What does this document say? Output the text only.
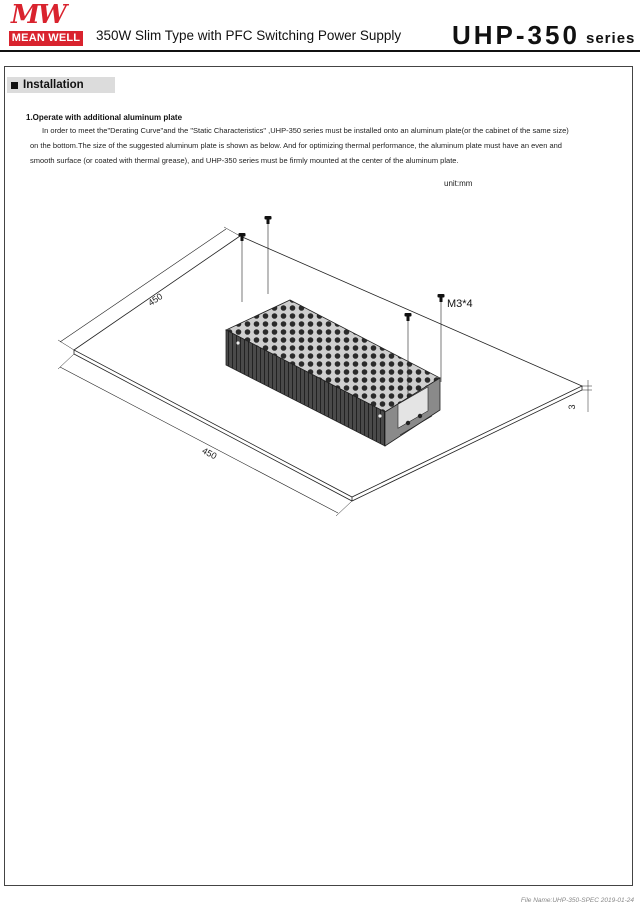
MW
MEAN WELL 350W Slim Type with PFC Switching Power Supply UHP-350 series
Installation
1.Operate with additional aluminum plate
In order to meet the"Derating Curve"and the "Static Characteristics" ,UHP-350 series must be installed onto an aluminum plate(or the cabinet of the same size)
on the bottom.The size of the suggested aluminum plate is shown as below. And for optimizing thermal performance, the aluminum plate must have an even and
smooth surface (or coated with thermal grease), and UHP-350 series must be firmly mounted at the center of the aluminum plate.
unit:mm
450
450
3
M3*4
File Name:UHP-350-SPEC 2019-01-24
